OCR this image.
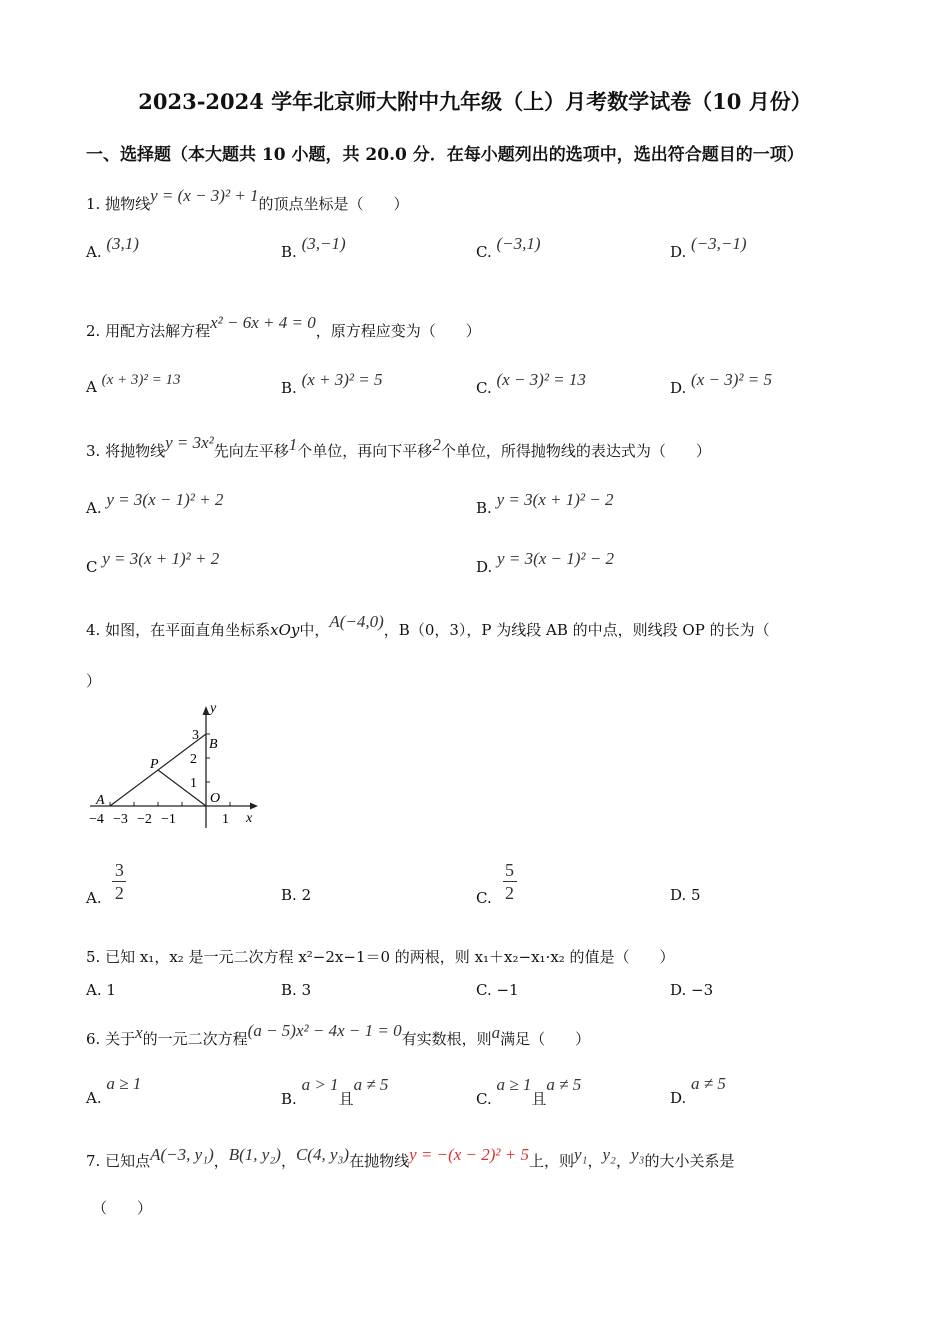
2023-2024 学年北京师大附中九年级（上）月考数学试卷（10 月份）
一、选择题（本大题共 10 小题，共 20.0 分．在每小题列出的选项中，选出符合题目的一项）
1. 抛物线y = (x − 3)² + 1的顶点坐标是（　　）
A. (3,1)	B. (3,−1)	C. (−3,1)	D. (−3,−1)
2. 用配方法解方程x² − 6x + 4 = 0，原方程应变为（　　）
A (x + 3)² = 13	B. (x + 3)² = 5	C. (x − 3)² = 13	D. (x − 3)² = 5
3. 将抛物线y = 3x²先向左平移1个单位，再向下平移2个单位，所得抛物线的表达式为（　　）
A. y = 3(x − 1)² + 2	B. y = 3(x + 1)² − 2
C y = 3(x + 1)² + 2	D. y = 3(x − 1)² − 2
4. 如图，在平面直角坐标系xOy中，A(−4,0)，B（0，3），P 为线段 AB 的中点，则线段 OP 的长为（
）
x
y
−4 −3 −2 −1	1
1
2
3
A
B
P
O
A. $\frac{3}{2}$	B. 2	C. $\frac{5}{2}$	D. 5
5. 已知 x₁，x₂ 是一元二次方程 x²−2x−1＝0 的两根，则 x₁＋x₂−x₁·x₂ 的值是（　　）
A. 1	B. 3	C. −1	D. −3
6. 关于x的一元二次方程(a − 5)x² − 4x − 1 = 0有实数根，则a满足（　　）
A. a ≥ 1
B. a > 1且a ≠ 5
C. a ≥ 1且a ≠ 5
D. a ≠ 5
7. 已知点A(−3, y₁)，B(1, y₂)，C(4, y₃)在抛物线y = −(x − 2)² + 5上，则y₁，y₂，y₃的大小关系是
（　　）
